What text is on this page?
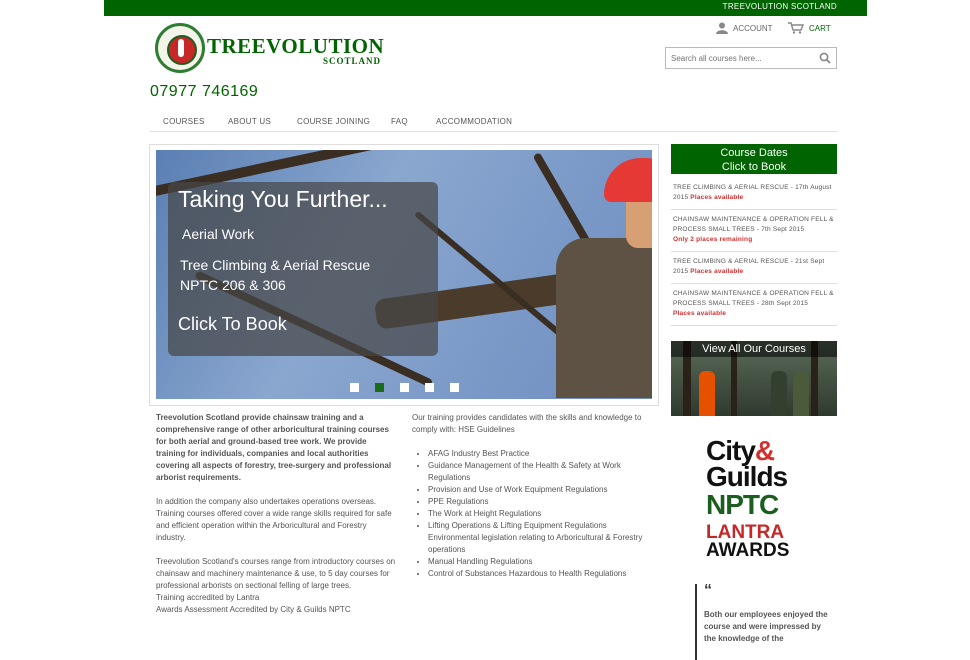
TREEVOLUTION SCOTLAND
TREEVOLUTION
SCOTLAND
07977 746169
ACCOUNT	CART
Search all courses here...
COURSES	ABOUT US	COURSE JOINING	FAQ	ACCOMMODATION
Taking You Further...
Aerial Work
Tree Climbing & Aerial Rescue
NPTC 206 & 306
Click To Book

Treevolution Scotland provide chainsaw training and a comprehensive range of other arboricultural training courses for both aerial and ground-based tree work. We provide training for individuals, companies and local authorities covering all aspects of forestry, tree-surgery and professional arborist requirements.

In addition the company also undertakes operations overseas. Training courses offered cover a wide range skills required for safe and efficient operation within the Arboricultural and Forestry industry.

Treevolution Scotland's courses range from introductory courses on chainsaw and machinery maintenance & use, to 5 day courses for professional arborists on sectional felling of large trees.

Training accredited by Lantra

Awards Assessment Accredited by City & Guilds NPTC

Our training provides candidates with the skills and knowledge to comply with: HSE Guidelines
• AFAG Industry Best Practice
• Guidance Management of the Health & Safety at Work Regulations
• Provision and Use of Work Equipment Regulations
• PPE Regulations
• The Work at Height Regulations
• Lifting Operations & Lifting Equipment Regulations Environmental legislation relating to Arboricultural & Forestry operations
• Manual Handling Regulations
• Control of Substances Hazardous to Health Regulations
Course Dates
Click to Book
TREE CLIMBING & AERIAL RESCUE - 17th August 2015 Places available
CHAINSAW MAINTENANCE & OPERATION FELL & PROCESS SMALL TREES - 7th Sept 2015
Only 2 places remaining
TREE CLIMBING & AERIAL RESCUE - 21st Sept 2015 Places available
CHAINSAW MAINTENANCE & OPERATION FELL & PROCESS SMALL TREES - 28th Sept 2015
Places available
View All Our Courses
City&
Guilds
NPTC
LANTRA
AWARDS
“
Both our employees enjoyed the course and were impressed by the knowledge of the
